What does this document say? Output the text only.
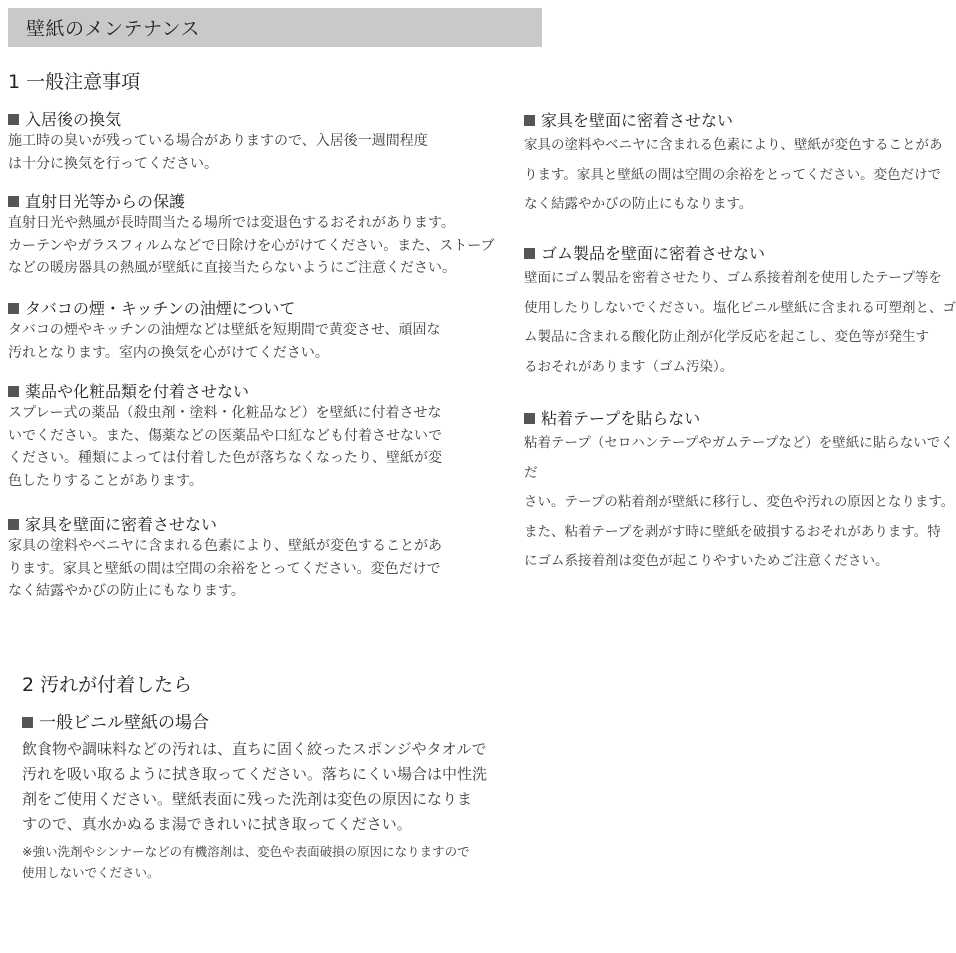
壁紙のメンテナンス
1 一般注意事項
入居後の換気
施工時の臭いが残っている場合がありますので、入居後一週間程度
は十分に換気を行ってください。
直射日光等からの保護
直射日光や熱風が長時間当たる場所では変退色するおそれがあります。
カーテンやガラスフィルムなどで日除けを心がけてください。また、ストーブ
などの暖房器具の熱風が壁紙に直接当たらないようにご注意ください。
タバコの煙・キッチンの油煙について
タバコの煙やキッチンの油煙などは壁紙を短期間で黄変させ、頑固な
汚れとなります。室内の換気を心がけてください。
薬品や化粧品類を付着させない
スプレー式の薬品（殺虫剤・塗料・化粧品など）を壁紙に付着させな
いでください。また、傷薬などの医薬品や口紅なども付着させないで
ください。種類によっては付着した色が落ちなくなったり、壁紙が変
色したりすることがあります。
家具を壁面に密着させない
家具の塗料やベニヤに含まれる色素により、壁紙が変色することがあ
ります。家具と壁紙の間は空間の余裕をとってください。変色だけで
なく結露やかびの防止にもなります。
家具を壁面に密着させない
家具の塗料やベニヤに含まれる色素により、壁紙が変色することがあ
ります。家具と壁紙の間は空間の余裕をとってください。変色だけで
なく結露やかびの防止にもなります。
ゴム製品を壁面に密着させない
壁面にゴム製品を密着させたり、ゴム系接着剤を使用したテープ等を
使用したりしないでください。塩化ビニル壁紙に含まれる可塑剤と、ゴ
ム製品に含まれる酸化防止剤が化学反応を起こし、変色等が発生す
るおそれがあります（ゴム汚染）。
粘着テープを貼らない
粘着テープ（セロハンテープやガムテープなど）を壁紙に貼らないでくだ
さい。テープの粘着剤が壁紙に移行し、変色や汚れの原因となります。
また、粘着テープを剥がす時に壁紙を破損するおそれがあります。特
にゴム系接着剤は変色が起こりやすいためご注意ください。
2 汚れが付着したら
一般ビニル壁紙の場合
飲食物や調味料などの汚れは、直ちに固く絞ったスポンジやタオルで
汚れを吸い取るように拭き取ってください。落ちにくい場合は中性洗
剤をご使用ください。壁紙表面に残った洗剤は変色の原因になりま
すので、真水かぬるま湯できれいに拭き取ってください。
※強い洗剤やシンナーなどの有機溶剤は、変色や表面破損の原因になりますので
使用しないでください。
